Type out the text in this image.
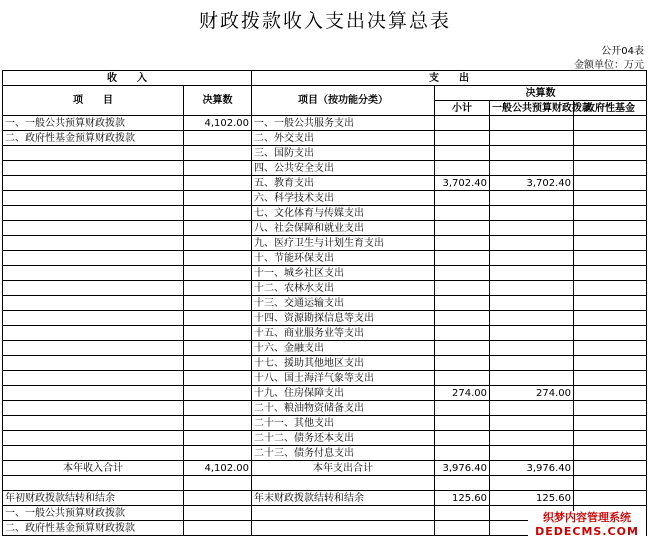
财政拨款收入支出决算总表
公开04表
金额单位：万元
收　　入		支　　出			
项　　目	决算数	项目（按功能分类）	决算数		
			小计	一般公共预算财政拨款	政府性基金
一、一般公共预算财政拨款	4,102.00	一、一般公共服务支出			
二、政府性基金预算财政拨款		二、外交支出			
		三、国防支出			
		四、公共安全支出			
		五、教育支出	3,702.40	3,702.40	
		六、科学技术支出			
		七、文化体育与传媒支出			
		八、社会保障和就业支出			
		九、医疗卫生与计划生育支出			
		十、节能环保支出			
		十一、城乡社区支出			
		十二、农林水支出			
		十三、交通运输支出			
		十四、资源勘探信息等支出			
		十五、商业服务业等支出			
		十六、金融支出			
		十七、援助其他地区支出			
		十八、国土海洋气象等支出			
		十九、住房保障支出	274.00	274.00	
		二十、粮油物资储备支出			
		二十一、其他支出			
		二十二、债务还本支出			
		二十三、债务付息支出			
本年收入合计	4,102.00	本年支出合计	3,976.40	3,976.40	

年初财政拨款结转和结余		年末财政拨款结转和结余	125.60	125.60	
一、一般公共预算财政拨款					
二、政府性基金预算财政拨款					
织梦内容管理系统
DEDECMS.COM
